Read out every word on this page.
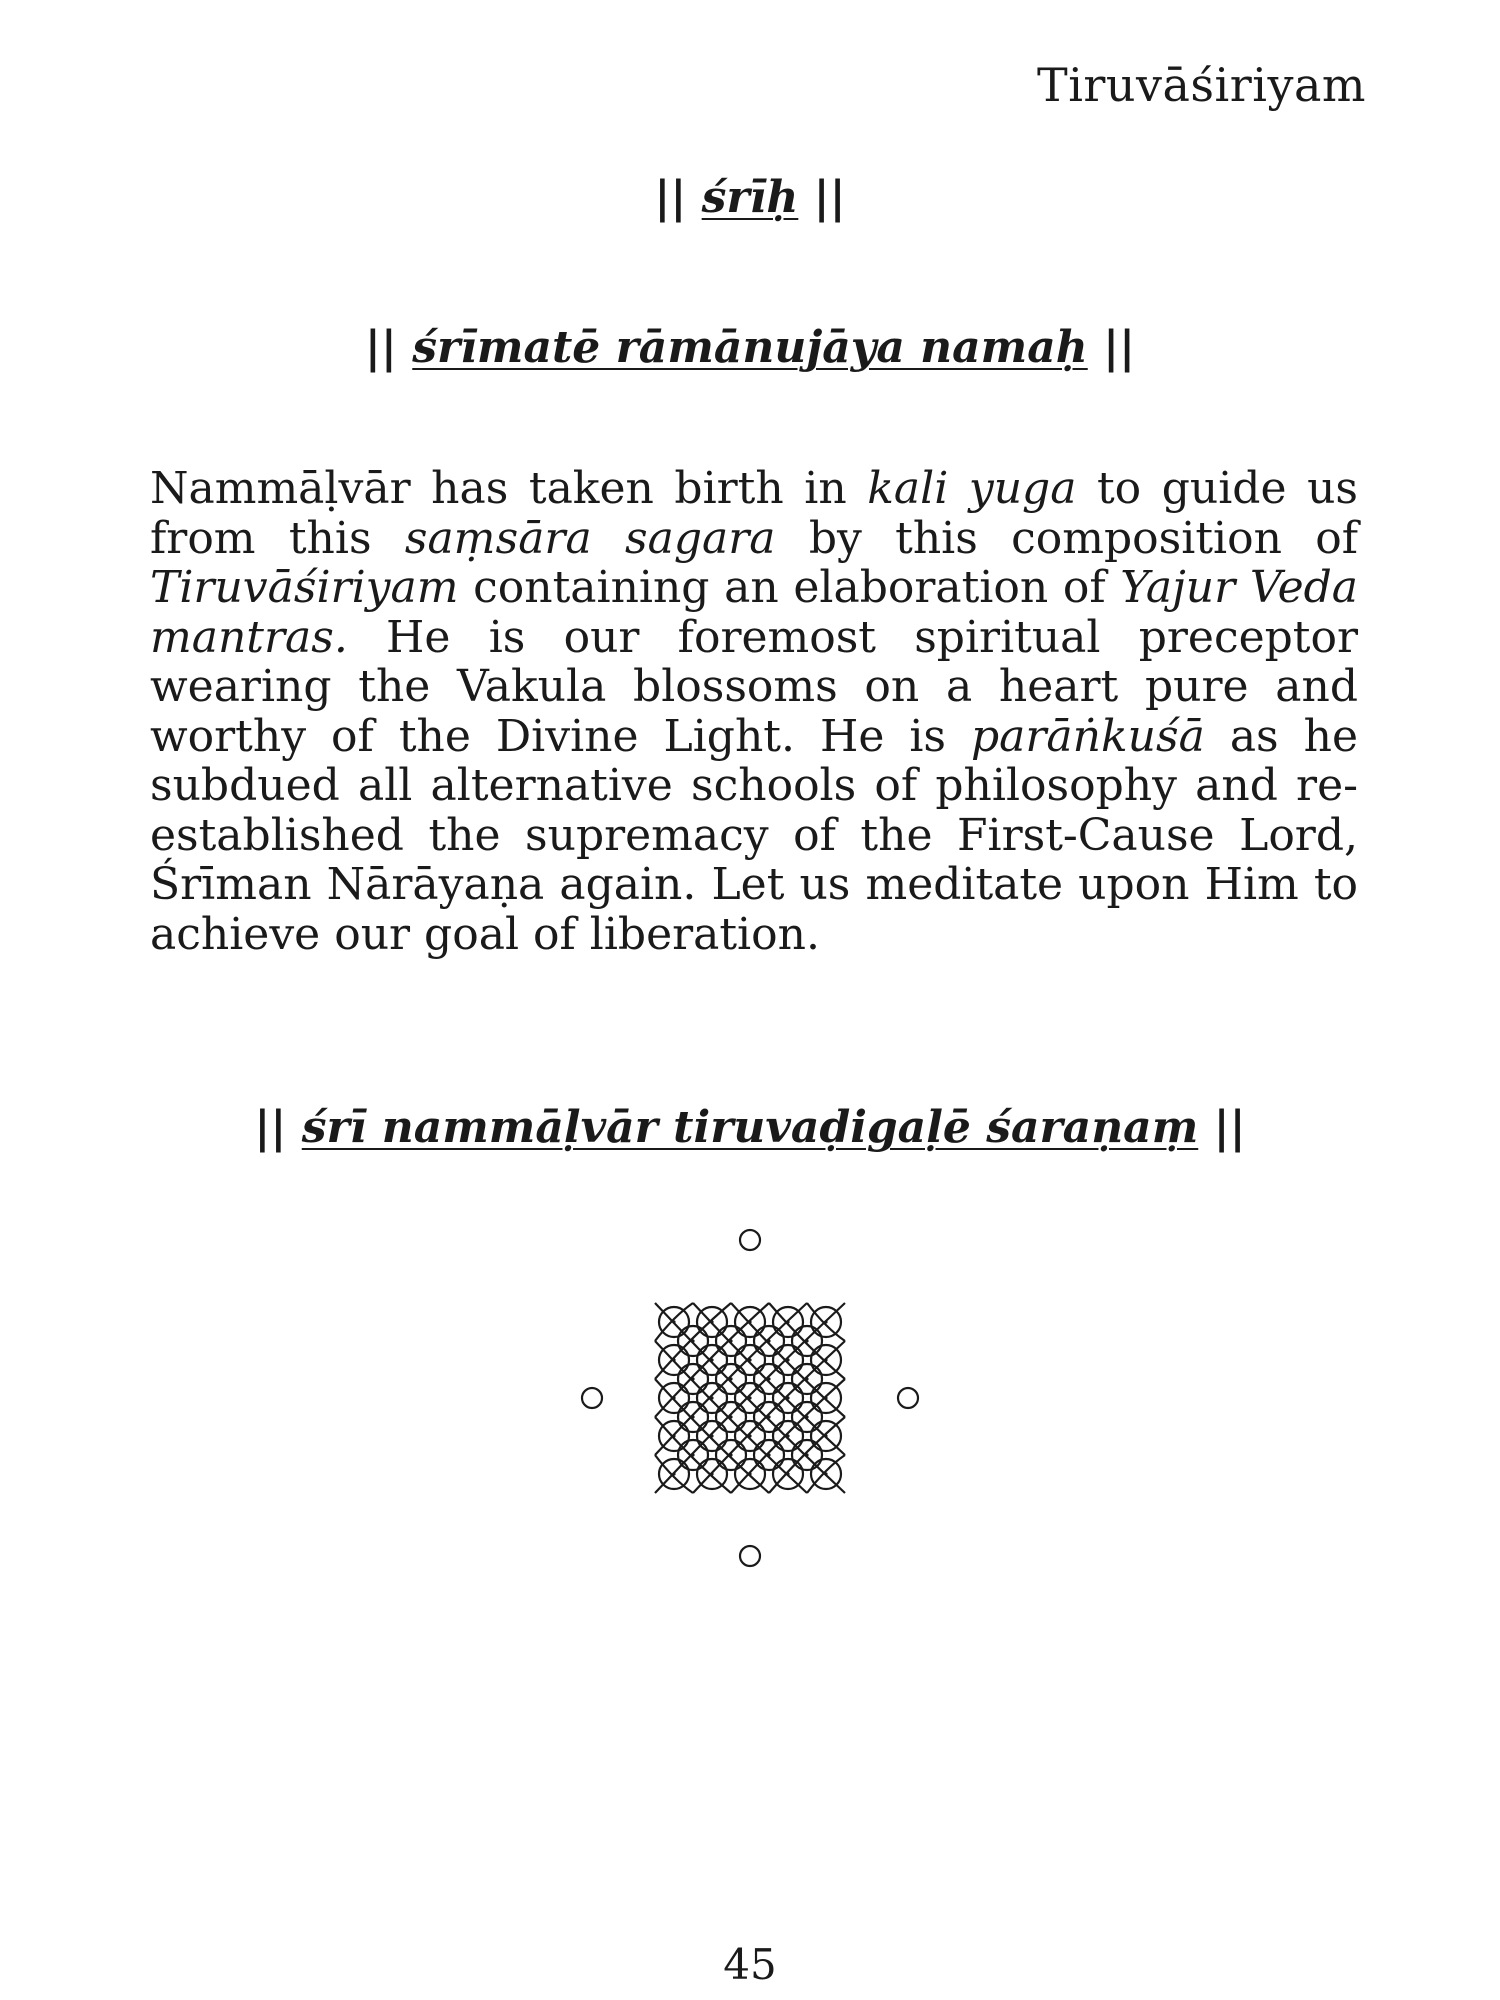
Tiruvāśiriyam
|| śrīḥ ||
|| śrīmatē rāmānujāya namaḥ ||

Nammāḷvār has taken birth in kali yuga to guide us from this saṃsāra sagara by this composition of Tiruvāśiriyam containing an elaboration of Yajur Veda mantras. He is our foremost spiritual preceptor wearing the Vakula blossoms on a heart pure and worthy of the Divine Light. He is parāṅkuśā as he subdued all alternative schools of philosophy and re-established the supremacy of the First-Cause Lord, Śrīman Nārāyaṇa again. Let us meditate upon Him to achieve our goal of liberation.

|| śrī nammāḷvār tiruvaḍigaḷē śaraṇaṃ ||
45
